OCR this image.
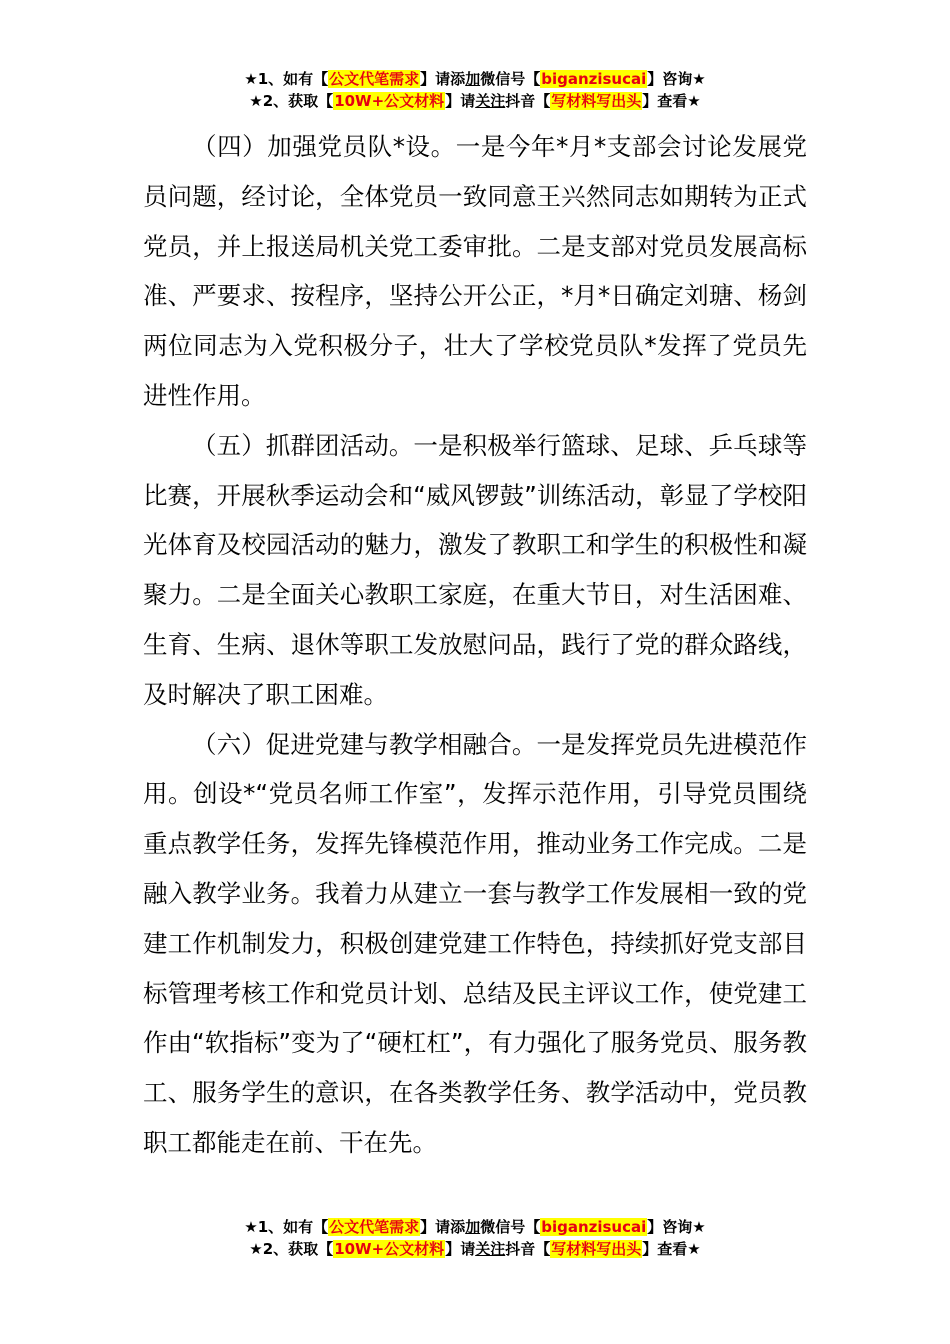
★1、如有【公文代笔需求】请添加微信号【biganzisucai】咨询★
★2、获取【10W+公文材料】请关注抖音【写材料写出头】查看★

（四）加强党员队*设。一是今年*月*支部会讨论发展党员问题，经讨论，全体党员一致同意王兴然同志如期转为正式党员，并上报送局机关党工委审批。二是支部对党员发展高标准、严要求、按程序，坚持公开公正，*月*日确定刘瑭、杨剑两位同志为入党积极分子，壮大了学校党员队*发挥了党员先进性作用。

（五）抓群团活动。一是积极举行篮球、足球、乒乓球等比赛，开展秋季运动会和“威风锣鼓”训练活动，彰显了学校阳光体育及校园活动的魅力，激发了教职工和学生的积极性和凝聚力。二是全面关心教职工家庭，在重大节日，对生活困难、生育、生病、退休等职工发放慰问品，践行了党的群众路线，及时解决了职工困难。

（六）促进党建与教学相融合。一是发挥党员先进模范作用。创设*“党员名师工作室”，发挥示范作用，引导党员围绕重点教学任务，发挥先锋模范作用，推动业务工作完成。二是融入教学业务。我着力从建立一套与教学工作发展相一致的党建工作机制发力，积极创建党建工作特色，持续抓好党支部目标管理考核工作和党员计划、总结及民主评议工作，使党建工作由“软指标”变为了“硬杠杠”，有力强化了服务党员、服务教工、服务学生的意识，在各类教学任务、教学活动中，党员教职工都能走在前、干在先。

★1、如有【公文代笔需求】请添加微信号【biganzisucai】咨询★
★2、获取【10W+公文材料】请关注抖音【写材料写出头】查看★
